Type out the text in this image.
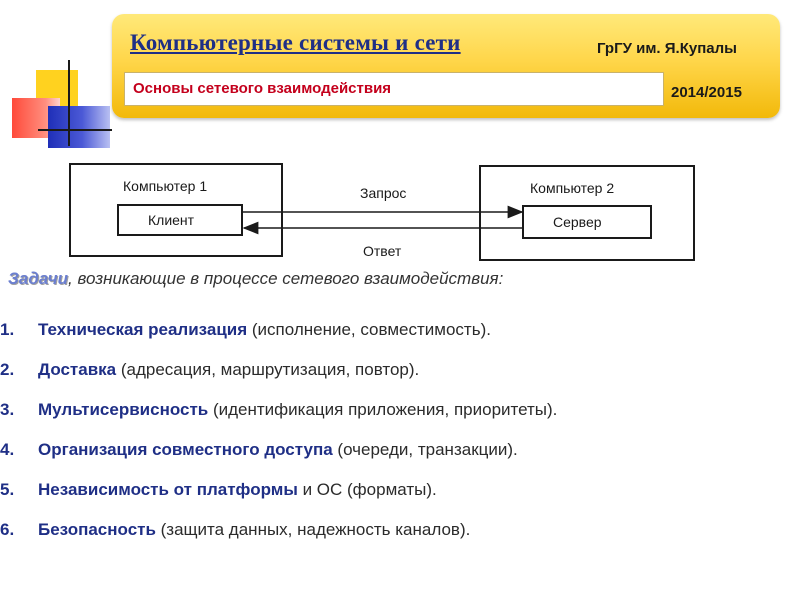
Компьютерные системы и сети	ГрГУ им. Я.Купалы
Основы сетевого взаимодействия	2014/2015
Компьютер 1
Клиент
Компьютер 2
Сервер
Запрос
Ответ
Задачи, возникающие в процессе сетевого взаимодействия:
1. Техническая реализация (исполнение, совместимость).
2. Доставка (адресация, маршрутизация, повтор).
3. Мультисервисность (идентификация приложения, приоритеты).
4. Организация совместного доступа (очереди, транзакции).
5. Независимость от платформы и ОС (форматы).
6. Безопасность (защита данных, надежность каналов).
